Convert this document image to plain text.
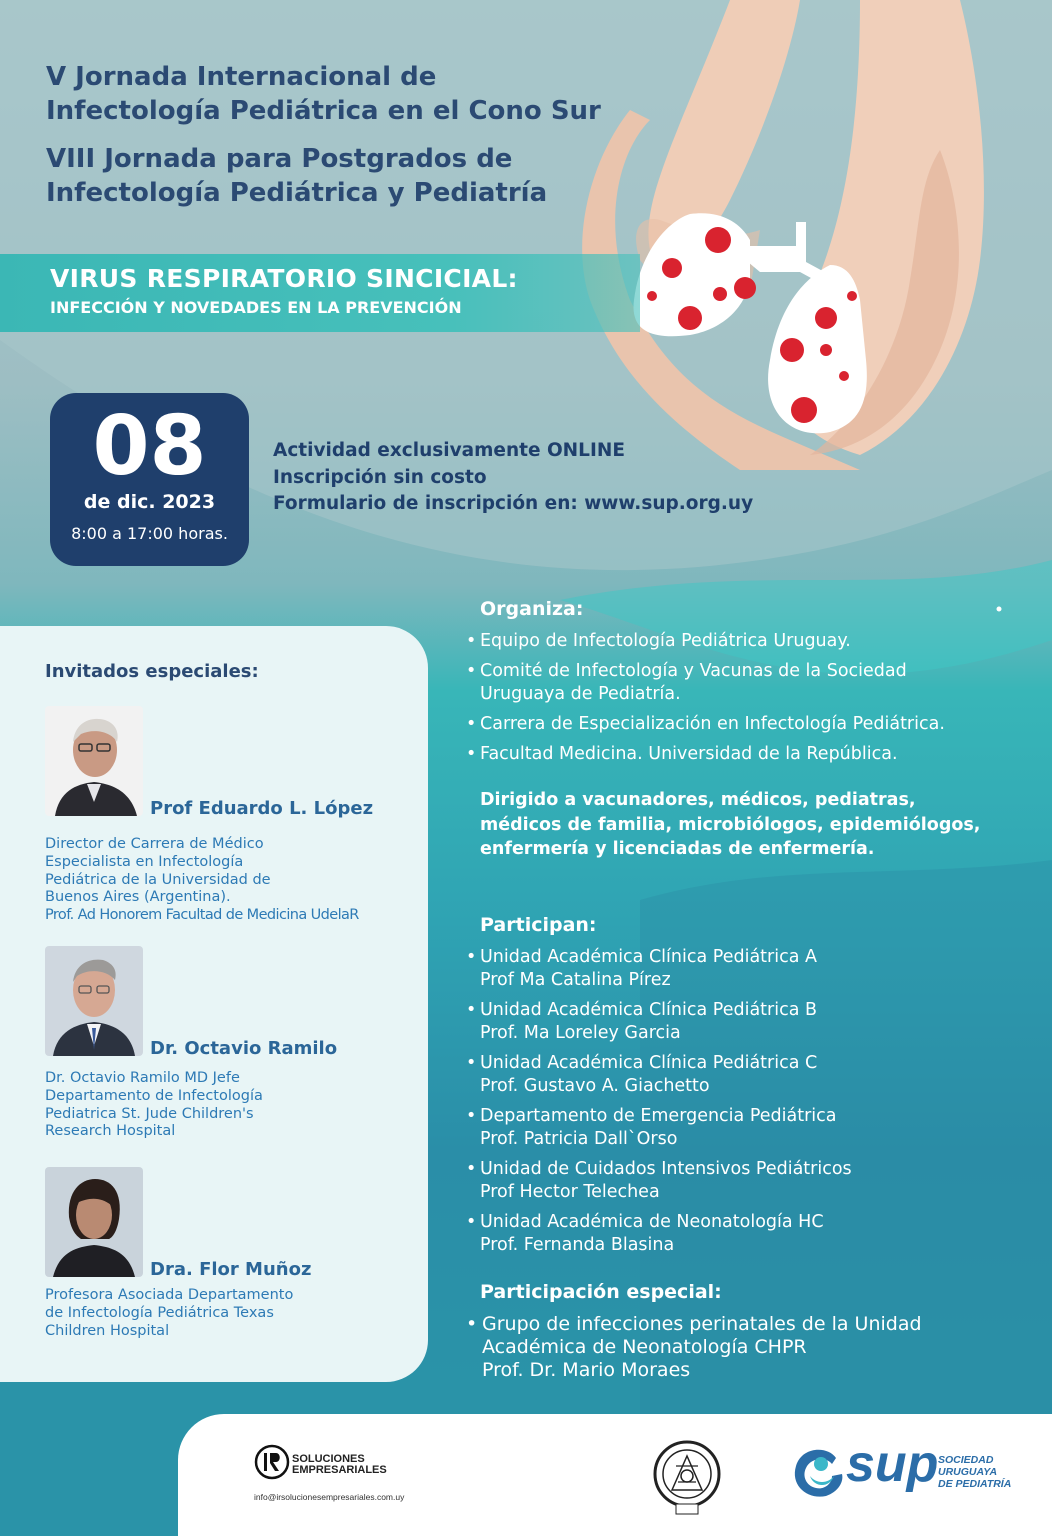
V Jornada Internacional de
Infectología Pediátrica en el Cono Sur
VIII Jornada para Postgrados de
Infectología Pediátrica y Pediatría
VIRUS RESPIRATORIO SINCICIAL:
INFECCIÓN Y NOVEDADES EN LA PREVENCIÓN
08
de dic. 2023
8:00 a 17:00 horas.
Actividad exclusivamente ONLINE
Inscripción sin costo
Formulario de inscripción en: www.sup.org.uy
Invitados especiales:
Prof Eduardo L. López
Director de Carrera de Médico
Especialista en Infectología
Pediátrica de la Universidad de
Buenos Aires (Argentina).
Prof. Ad Honorem Facultad de Medicina UdelaR
Dr. Octavio Ramilo
Dr. Octavio Ramilo MD Jefe
Departamento de Infectología
Pediatrica St. Jude Children's
Research Hospital
Dra. Flor Muñoz
Profesora Asociada Departamento
de Infectología Pediátrica Texas
Children Hospital
Organiza:
• Equipo de Infectología Pediátrica Uruguay.
• Comité de Infectología y Vacunas de la Sociedad
Uruguaya de Pediatría.
• Carrera de Especialización en Infectología Pediátrica.
• Facultad Medicina. Universidad de la República.
Dirigido a vacunadores, médicos, pediatras,
médicos de familia, microbiólogos, epidemiólogos,
enfermería y licenciadas de enfermería.
Participan:
• Unidad Académica Clínica Pediátrica A
Prof Ma Catalina Pírez
• Unidad Académica Clínica Pediátrica B
Prof. Ma Loreley Garcia
• Unidad Académica Clínica Pediátrica C
Prof. Gustavo A. Giachetto
• Departamento de Emergencia Pediátrica
Prof. Patricia Dall`Orso
• Unidad de Cuidados Intensivos Pediátricos
Prof Hector Telechea
• Unidad Académica de Neonatología HC
Prof. Fernanda Blasina
Participación especial:
• Grupo de infecciones perinatales de la Unidad
Académica de Neonatología CHPR
Prof. Dr. Mario Moraes
SOLUCIONES
EMPRESARIALES
info@irsolucionesempresariales.com.uy
sup SOCIEDAD
URUGUAYA
DE PEDIATRÍA
